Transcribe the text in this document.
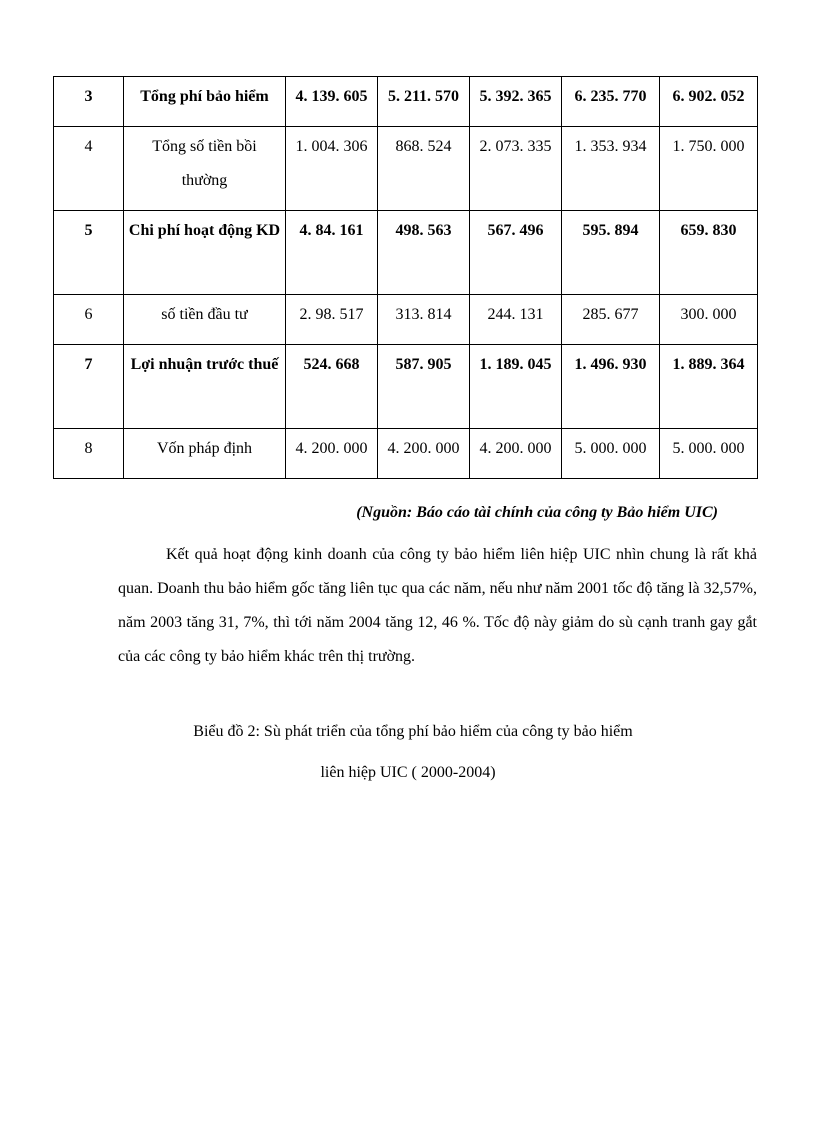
3	Tổng phí bảo hiểm	4. 139. 605	5. 211. 570	5. 392. 365	6. 235. 770	6. 902. 052
4	Tổng số tiền bồi thường	1. 004. 306	868. 524	2. 073. 335	1. 353. 934	1. 750. 000
5	Chi phí hoạt động KD	4. 84. 161	498. 563	567. 496	595. 894	659. 830
6	số tiền đầu tư	2. 98. 517	313. 814	244. 131	285. 677	300. 000
7	Lợi nhuận trước thuế	524. 668	587. 905	1. 189. 045	1. 496. 930	1. 889. 364
8	Vốn pháp định	4. 200. 000	4. 200. 000	4. 200. 000	5. 000. 000	5. 000. 000
(Nguồn: Báo cáo tài chính của công ty Bảo hiểm UIC)
Kết quả hoạt động kinh doanh của công ty bảo hiểm liên hiệp UIC nhìn chung là rất khả quan. Doanh thu bảo hiểm gốc tăng liên tục qua các năm, nếu như năm 2001 tốc độ tăng là 32,57%, năm 2003 tăng 31, 7%, thì tới năm 2004 tăng 12, 46 %. Tốc độ này giảm do sù cạnh tranh gay gắt của các công ty bảo hiểm khác trên thị trường.
Biểu đồ 2: Sù phát triển của tổng phí bảo hiểm của công ty bảo hiểm
liên hiệp UIC ( 2000-2004)
